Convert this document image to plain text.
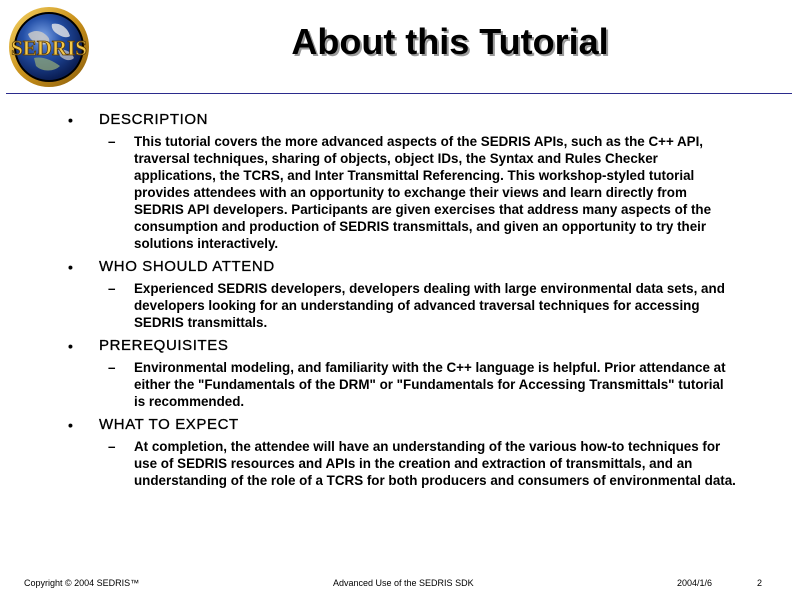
SEDRIS	About this Tutorial
• DESCRIPTION
– This tutorial covers the more advanced aspects of the SEDRIS APIs, such as the C++ API, traversal techniques, sharing of objects, object IDs, the Syntax and Rules Checker applications, the TCRS, and Inter Transmittal Referencing. This workshop-styled tutorial provides attendees with an opportunity to exchange their views and learn directly from SEDRIS API developers. Participants are given exercises that address many aspects of the consumption and production of SEDRIS transmittals, and given an opportunity to try their solutions interactively.
• WHO SHOULD ATTEND
– Experienced SEDRIS developers, developers dealing with large environmental data sets, and developers looking for an understanding of advanced traversal techniques for accessing SEDRIS transmittals.
• PREREQUISITES
– Environmental modeling, and familiarity with the C++ language is helpful. Prior attendance at either the "Fundamentals of the DRM" or "Fundamentals for Accessing Transmittals" tutorial is recommended.
• WHAT TO EXPECT
– At completion, the attendee will have an understanding of the various how-to techniques for use of SEDRIS resources and APIs in the creation and extraction of transmittals, and an understanding of the role of a TCRS for both producers and consumers of environmental data.
Copyright © 2004 SEDRIS™	Advanced Use of the SEDRIS SDK	2004/1/6	2
